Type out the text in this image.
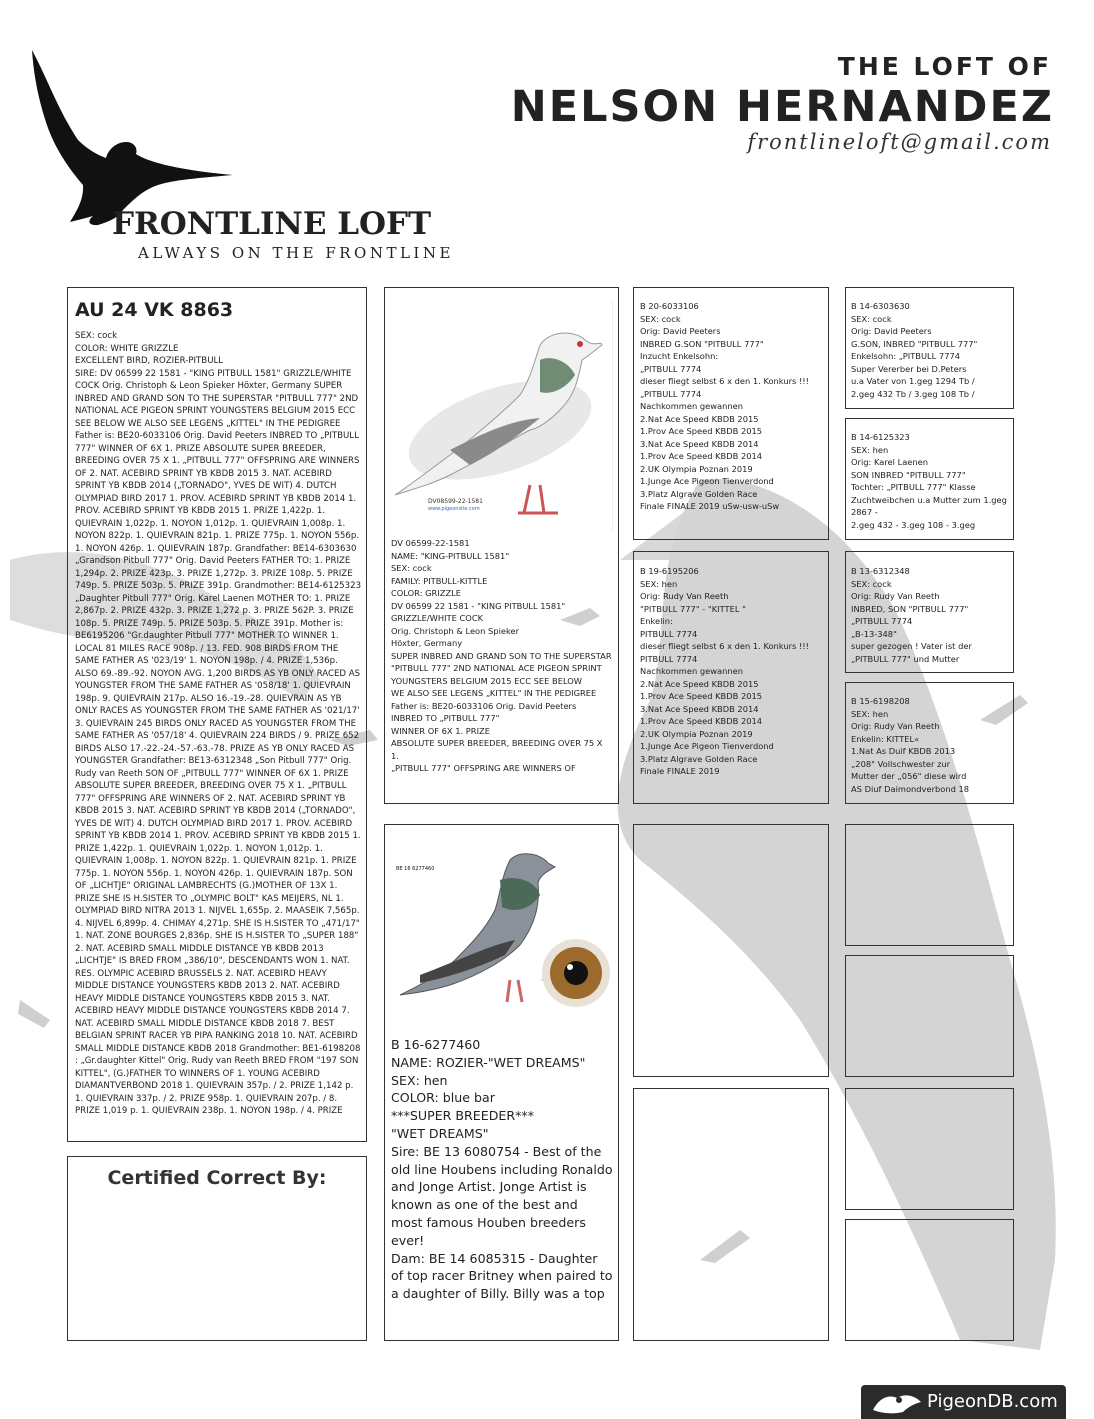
THE LOFT OF
NELSON HERNANDEZ
frontlineloft@gmail.com
FRONTLINE LOFT
ALWAYS ON THE FRONTLINE
AU 24 VK 8863
SEX: cock
COLOR: WHITE GRIZZLE
EXCELLENT BIRD, ROZIER-PITBULL
SIRE: DV 06599 22 1581 - "KING PITBULL 1581" GRIZZLE/WHITE COCK Orig. Christoph & Leon Spieker Höxter, Germany SUPER INBRED AND GRAND SON TO THE SUPERSTAR "PITBULL 777" 2ND NATIONAL ACE PIGEON SPRINT YOUNGSTERS BELGIUM 2015 ECC SEE BELOW WE ALSO SEE LEGENS „KITTEL" IN THE PEDIGREE Father is: BE20-6033106 Orig. David Peeters INBRED TO „PITBULL 777" WINNER OF 6X 1. PRIZE ABSOLUTE SUPER BREEDER, BREEDING OVER 75 X 1. „PITBULL 777" OFFSPRING ARE WINNERS OF 2. NAT. ACEBIRD SPRINT YB KBDB 2015 3. NAT. ACEBIRD SPRINT YB KBDB 2014 („TORNADO", YVES DE WIT) 4. DUTCH OLYMPIAD BIRD 2017 1. PROV. ACEBIRD SPRINT YB KBDB 2014 1. PROV. ACEBIRD SPRINT YB KBDB 2015 1. PRIZE 1,422p. 1. QUIEVRAIN 1,022p. 1. NOYON 1,012p. 1. QUIEVRAIN 1,008p. 1. NOYON 822p. 1. QUIEVRAIN 821p. 1. PRIZE 775p. 1. NOYON 556p. 1. NOYON 426p. 1. QUIEVRAIN 187p. Grandfather: BE14-6303630 „Grandson Pitbull 777" Orig. David Peeters FATHER TO: 1. PRIZE 1,294p. 2. PRIZE 423p. 3. PRIZE 1,272p. 3. PRIZE 108p. 5. PRIZE 749p. 5. PRIZE 503p. 5. PRIZE 391p. Grandmother: BE14-6125323 „Daughter Pitbull 777" Orig. Karel Laenen MOTHER TO: 1. PRIZE 2,867p. 2. PRIZE 432p. 3. PRIZE 1,272 p. 3. PRIZE 562P. 3. PRIZE 108p. 5. PRIZE 749p. 5. PRIZE 503p. 5. PRIZE 391p. Mother is: BE6195206 "Gr.daughter Pitbull 777" MOTHER TO WINNER 1. LOCAL 81 MILES RACE 908p. / 13. FED. 908 BIRDS FROM THE SAME FATHER AS '023/19' 1. NOYON 198p. / 4. PRIZE 1,536p. ALSO 69.-89.-92. NOYON AVG. 1,200 BIRDS AS YB ONLY RACED AS YOUNGSTER FROM THE SAME FATHER AS '058/18' 1. QUIEVRAIN 198p. 9. QUIEVRAIN 217p. ALSO 16.-19.-28. QUIEVRAIN AS YB ONLY RACES AS YOUNGSTER FROM THE SAME FATHER AS '021/17' 3. QUIEVRAIN 245 BIRDS ONLY RACED AS YOUNGSTER FROM THE SAME FATHER AS '057/18' 4. QUIEVRAIN 224 BIRDS / 9. PRIZE 652 BIRDS ALSO 17.-22.-24.-57.-63.-78. PRIZE AS YB ONLY RACED AS YOUNGSTER Grandfather: BE13-6312348 „Son Pitbull 777" Orig. Rudy van Reeth SON OF „PITBULL 777" WINNER OF 6X 1. PRIZE ABSOLUTE SUPER BREEDER, BREEDING OVER 75 X 1. „PITBULL 777" OFFSPRING ARE WINNERS OF 2. NAT. ACEBIRD SPRINT YB KBDB 2015 3. NAT. ACEBIRD SPRINT YB KBDB 2014 („TORNADO", YVES DE WIT) 4. DUTCH OLYMPIAD BIRD 2017 1. PROV. ACEBIRD SPRINT YB KBDB 2014 1. PROV. ACEBIRD SPRINT YB KBDB 2015 1. PRIZE 1,422p. 1. QUIEVRAIN 1,022p. 1. NOYON 1,012p. 1. QUIEVRAIN 1,008p. 1. NOYON 822p. 1. QUIEVRAIN 821p. 1. PRIZE 775p. 1. NOYON 556p. 1. NOYON 426p. 1. QUIEVRAIN 187p. SON OF „LICHTJE" ORIGINAL LAMBRECHTS (G.)MOTHER OF 13X 1. PRIZE SHE IS H.SISTER TO „OLYMPIC BOLT" KAS MEIJERS, NL 1. OLYMPIAD BIRD NITRA 2013 1. NIJVEL 1,655p. 2. MAASEIK 7,565p. 4. NIJVEL 6,899p. 4. CHIMAY 4,271p. SHE IS H.SISTER TO „471/17" 1. NAT. ZONE BOURGES 2,836p. SHE IS H.SISTER TO „SUPER 188" 2. NAT. ACEBIRD SMALL MIDDLE DISTANCE YB KBDB 2013 „LICHTJE" IS BRED FROM „386/10", DESCENDANTS WON 1. NAT. RES. OLYMPIC ACEBIRD BRUSSELS 2. NAT. ACEBIRD HEAVY MIDDLE DISTANCE YOUNGSTERS KBDB 2013 2. NAT. ACEBIRD HEAVY MIDDLE DISTANCE YOUNGSTERS KBDB 2015 3. NAT. ACEBIRD HEAVY MIDDLE DISTANCE YOUNGSTERS KBDB 2014 7. NAT. ACEBIRD SMALL MIDDLE DISTANCE KBDB 2018 7. BEST BELGIAN SPRINT RACER YB PIPA RANKING 2018 10. NAT. ACEBIRD SMALL MIDDLE DISTANCE KBDB 2018 Grandmother: BE1-6198208 : „Gr.daughter Kittel" Orig. Rudy van Reeth BRED FROM "197 SON KITTEL", (G.)FATHER TO WINNERS OF 1. YOUNG ACEBIRD DIAMANTVERBOND 2018 1. QUIEVRAIN 357p. / 2. PRIZE 1,142 p. 1. QUIEVRAIN 337p. / 2. PRIZE 958p. 1. QUIEVRAIN 207p. / 8. PRIZE 1,019 p. 1. QUIEVRAIN 238p. 1. NOYON 198p. / 4. PRIZE
Certified Correct By:
DV08599-22-1581
www.pigeonsite.com
DV 06599-22-1581
NAME: "KING-PITBULL 1581"
SEX: cock
FAMILY: PITBULL-KITTLE
COLOR: GRIZZLE
DV 06599 22 1581 - "KING PITBULL 1581"
GRIZZLE/WHITE COCK
Orig. Christoph & Leon Spieker
Höxter, Germany
SUPER INBRED AND GRAND SON TO THE SUPERSTAR "PITBULL 777" 2ND NATIONAL ACE PIGEON SPRINT YOUNGSTERS BELGIUM 2015 ECC SEE BELOW
WE ALSO SEE LEGENS „KITTEL" IN THE PEDIGREE
Father is: BE20-6033106 Orig. David Peeters
INBRED TO „PITBULL 777"
WINNER OF 6X 1. PRIZE
ABSOLUTE SUPER BREEDER, BREEDING OVER 75 X 1.
„PITBULL 777" OFFSPRING ARE WINNERS OF
BE 16 6277460
B 16-6277460
NAME: ROZIER-"WET DREAMS"
SEX: hen
COLOR: blue bar
***SUPER BREEDER***
"WET DREAMS"
Sire: BE 13 6080754 - Best of the old line Houbens including Ronaldo and Jonge Artist. Jonge Artist is known as one of the best and most famous Houben breeders ever!
Dam: BE 14 6085315 - Daughter of top racer Britney when paired to a daughter of Billy. Billy was a top
B 20-6033106
SEX: cock
Orig: David Peeters
INBRED G.SON "PITBULL 777"
Inzucht Enkelsohn:
„PITBULL 7774
dieser fliegt selbst 6 x den 1. Konkurs !!!
„PITBULL 7774
Nachkommen gewannen
2.Nat Ace Speed KBDB 2015
1.Prov Ace Speed KBDB 2015
3.Nat Ace Speed KBDB 2014
1.Prov Ace Speed KBDB 2014
2.UK Olympia Poznan 2019
1.Junge Ace Pigeon Tienverdond
3.Platz Algrave Golden Race
Finale FINALE 2019 uSw-usw-uSw
B 19-6195206
SEX: hen
Orig: Rudy Van Reeth
"PITBULL 777" - "KITTEL "
Enkelin:
PITBULL 7774
dieser fliegt selbst 6 x den 1. Konkurs !!!
PITBULL 7774
Nachkommen gewannen
2.Nat Ace Speed KBDB 2015
1.Prov Ace Speed KBDB 2015
3.Nat Ace Speed KBDB 2014
1.Prov Ace Speed KBDB 2014
2.UK Olympia Poznan 2019
1.Junge Ace Pigeon Tienverdond
3.Platz Algrave Golden Race
Finale FINALE 2019
B 14-6303630
SEX: cock
Orig: David Peeters
G.SON, INBRED "PITBULL 777"
Enkelsohn: „PITBULL 7774
Super Vererber bei D.Peters
u.a Vater von 1.geg 1294 Tb /
2.geg 432 Tb / 3.geg 108 Tb /
B 14-6125323
SEX: hen
Orig: Karel Laenen
SON INBRED "PITBULL 777"
Tochter: „PITBULL 777" Klasse Zuchtweibchen u.a Mutter zum 1.geg 2867 -
2.geg 432 - 3.geg 108 - 3.geg
B 13-6312348
SEX: cock
Orig: Rudy Van Reeth
INBRED, SON "PITBULL 777"
„PITBULL 7774
„B-13-348"
super gezogen ! Vater ist der
„PITBULL 777" und Mutter
B 15-6198208
SEX: hen
Orig: Rudy Van Reeth
Enkelin: KITTEL«
1.Nat As Duif KBDB 2013
„208" Vollschwester zur
Mutter der „056" diese wird
AS Diuf Daimondverbond 18
PigeonDB.com
